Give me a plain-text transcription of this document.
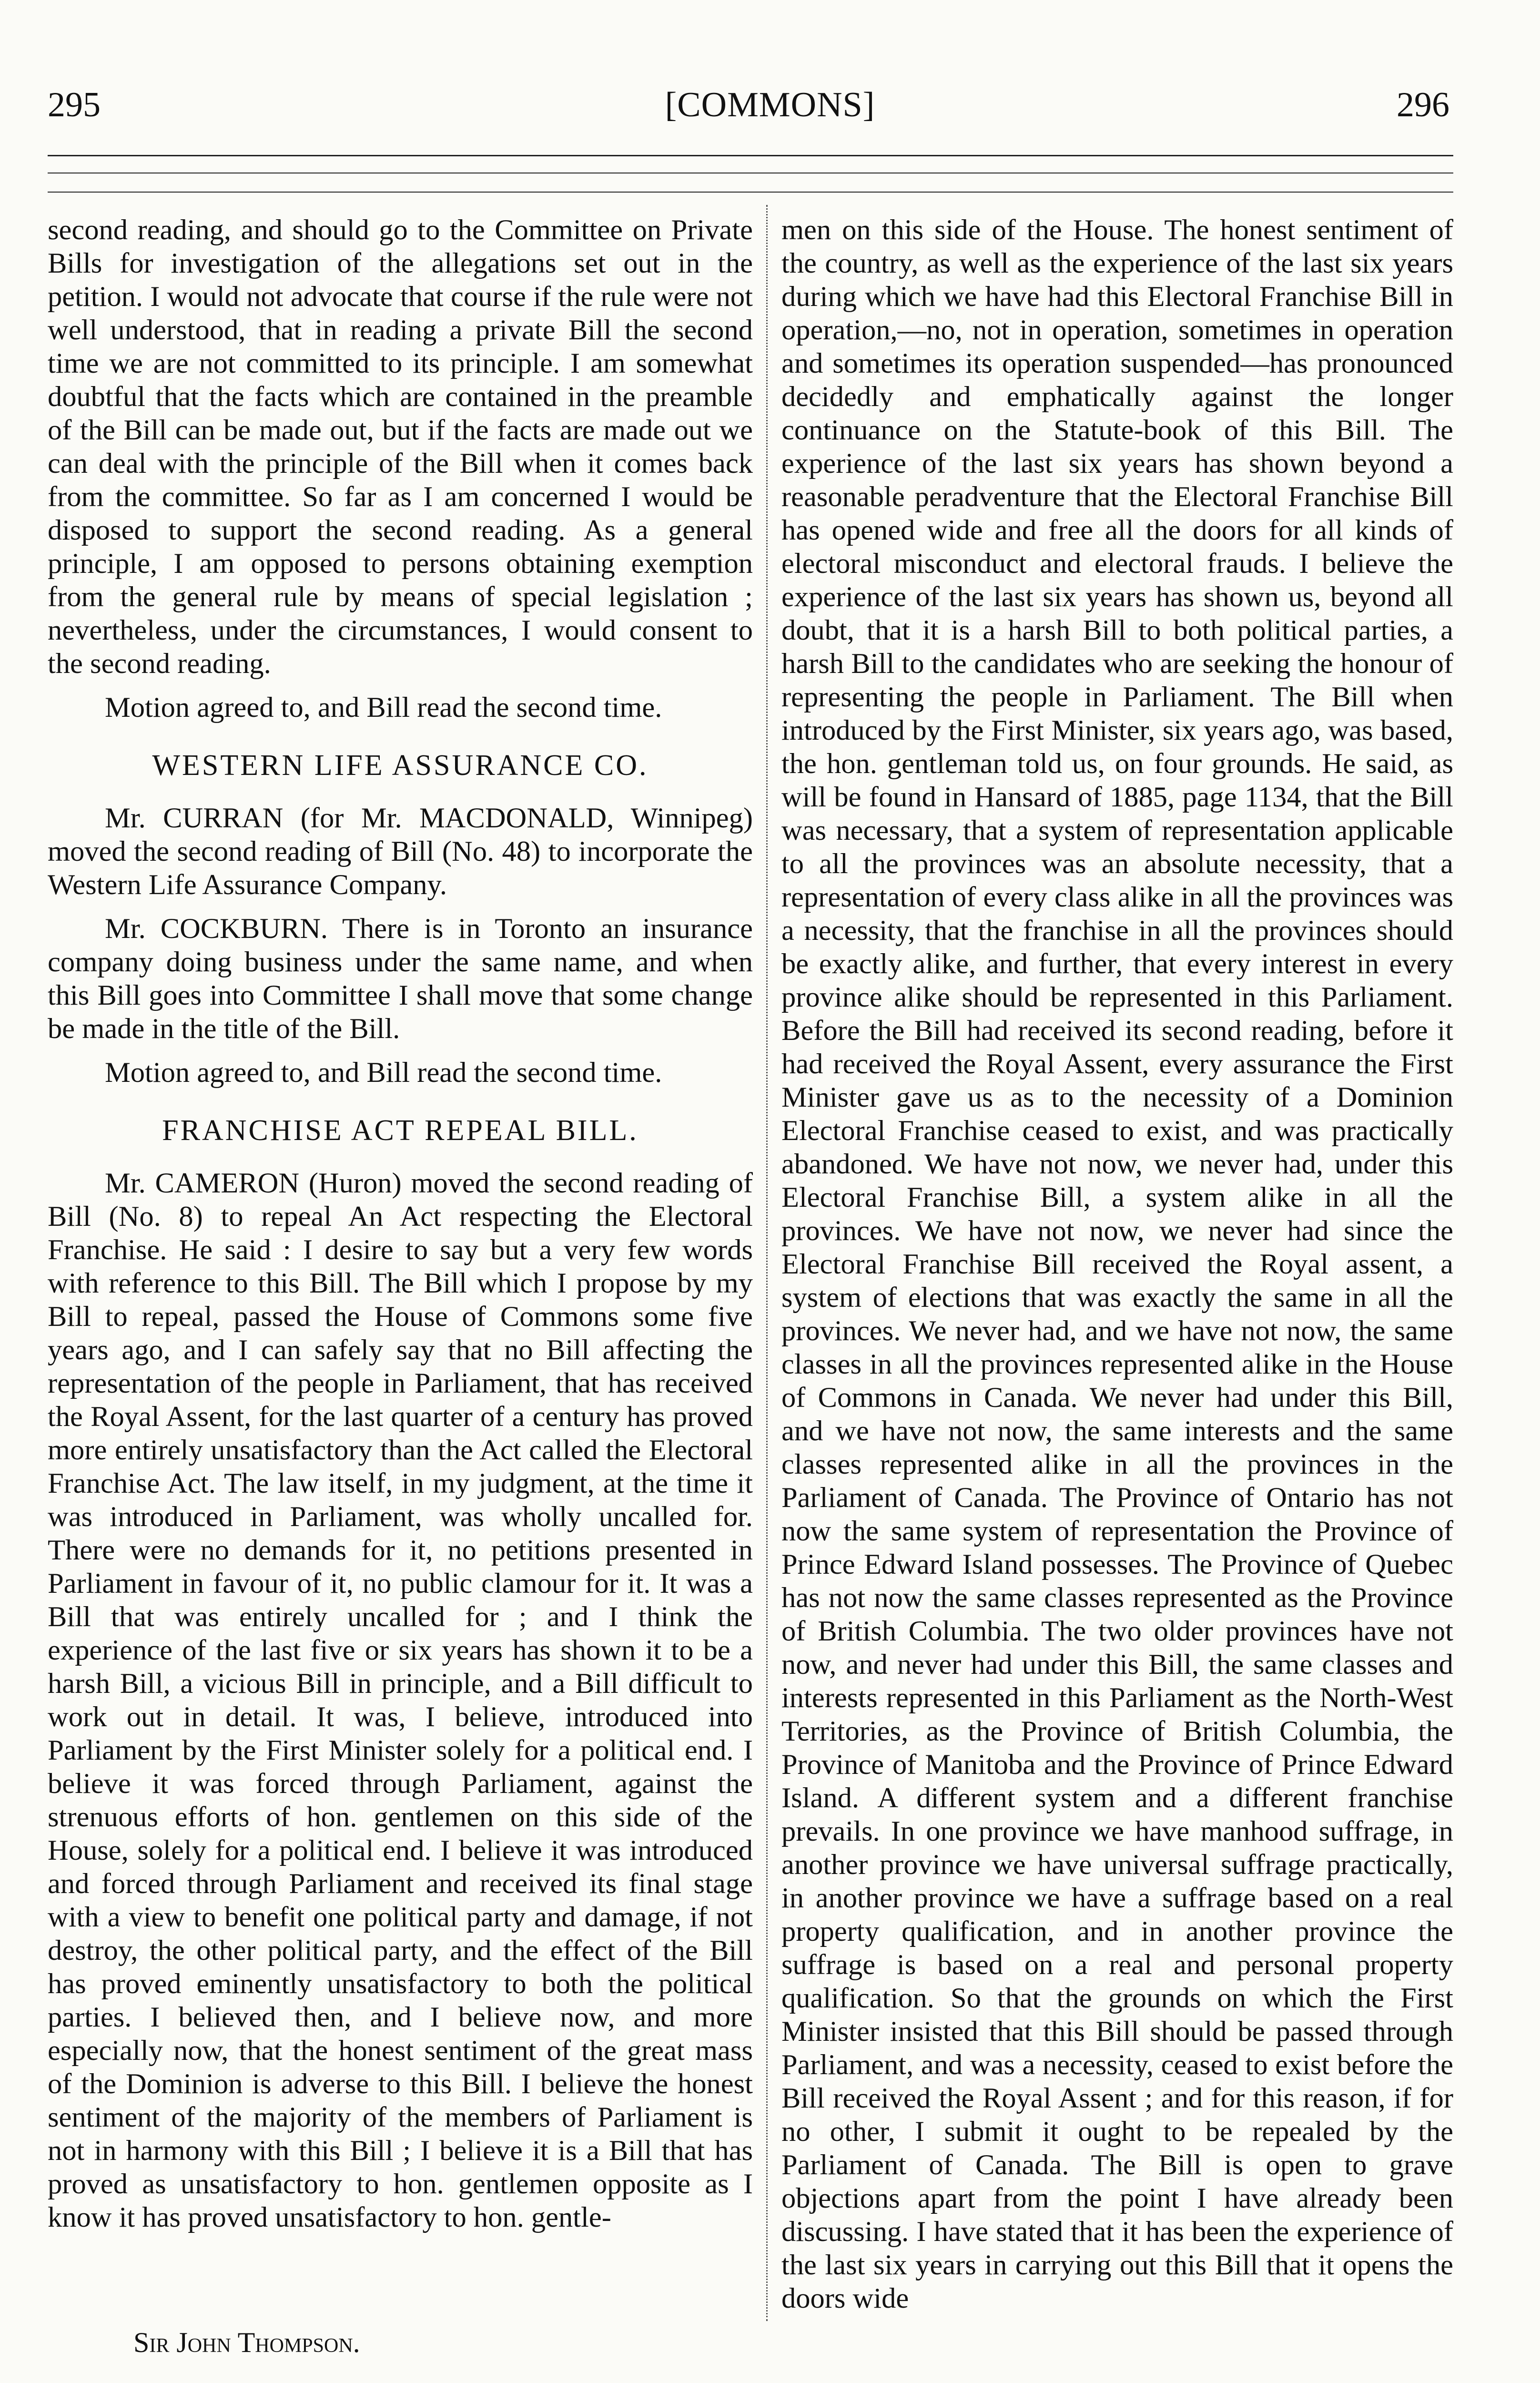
295	[COMMONS]	296

second reading, and should go to the Committee on Private Bills for investigation of the allegations set out in the petition. I would not advocate that course if the rule were not well understood, that in reading a private Bill the second time we are not committed to its principle. I am somewhat doubtful that the facts which are contained in the preamble of the Bill can be made out, but if the facts are made out we can deal with the principle of the Bill when it comes back from the committee. So far as I am concerned I would be disposed to support the second reading. As a general principle, I am opposed to persons obtaining exemption from the general rule by means of special legislation ; nevertheless, under the circumstances, I would consent to the second reading.

Motion agreed to, and Bill read the second time.

WESTERN LIFE ASSURANCE CO.

Mr. CURRAN (for Mr. MACDONALD, Winnipeg) moved the second reading of Bill (No. 48) to incorporate the Western Life Assurance Company.

Mr. COCKBURN. There is in Toronto an insurance company doing business under the same name, and when this Bill goes into Committee I shall move that some change be made in the title of the Bill.

Motion agreed to, and Bill read the second time.

FRANCHISE ACT REPEAL BILL.

Mr. CAMERON (Huron) moved the second reading of Bill (No. 8) to repeal An Act respecting the Electoral Franchise. He said : I desire to say but a very few words with reference to this Bill. The Bill which I propose by my Bill to repeal, passed the House of Commons some five years ago, and I can safely say that no Bill affecting the representation of the people in Parliament, that has received the Royal Assent, for the last quarter of a century has proved more entirely unsatisfactory than the Act called the Electoral Franchise Act. The law itself, in my judgment, at the time it was introduced in Parliament, was wholly uncalled for. There were no demands for it, no petitions presented in Parliament in favour of it, no public clamour for it. It was a Bill that was entirely uncalled for ; and I think the experience of the last five or six years has shown it to be a harsh Bill, a vicious Bill in principle, and a Bill difficult to work out in detail. It was, I believe, introduced into Parliament by the First Minister solely for a political end. I believe it was forced through Parliament, against the strenuous efforts of hon. gentlemen on this side of the House, solely for a political end. I believe it was introduced and forced through Parliament and received its final stage with a view to benefit one political party and damage, if not destroy, the other political party, and the effect of the Bill has proved eminently unsatisfactory to both the political parties. I believed then, and I believe now, and more especially now, that the honest sentiment of the great mass of the Dominion is adverse to this Bill. I believe the honest sentiment of the majority of the members of Parliament is not in harmony with this Bill ; I believe it is a Bill that has proved as unsatisfactory to hon. gentlemen opposite as I know it has proved unsatisfactory to hon. gentle-

men on this side of the House. The honest sentiment of the country, as well as the experience of the last six years during which we have had this Electoral Franchise Bill in operation,—no, not in operation, sometimes in operation and sometimes its operation suspended—has pronounced decidedly and emphatically against the longer continuance on the Statute-book of this Bill. The experience of the last six years has shown beyond a reasonable peradventure that the Electoral Franchise Bill has opened wide and free all the doors for all kinds of electoral misconduct and electoral frauds. I believe the experience of the last six years has shown us, beyond all doubt, that it is a harsh Bill to both political parties, a harsh Bill to the candidates who are seeking the honour of representing the people in Parliament. The Bill when introduced by the First Minister, six years ago, was based, the hon. gentleman told us, on four grounds. He said, as will be found in Hansard of 1885, page 1134, that the Bill was necessary, that a system of representation applicable to all the provinces was an absolute necessity, that a representation of every class alike in all the provinces was a necessity, that the franchise in all the provinces should be exactly alike, and further, that every interest in every province alike should be represented in this Parliament. Before the Bill had received its second reading, before it had received the Royal Assent, every assurance the First Minister gave us as to the necessity of a Dominion Electoral Franchise ceased to exist, and was practically abandoned. We have not now, we never had, under this Electoral Franchise Bill, a system alike in all the provinces. We have not now, we never had since the Electoral Franchise Bill received the Royal assent, a system of elections that was exactly the same in all the provinces. We never had, and we have not now, the same classes in all the provinces represented alike in the House of Commons in Canada. We never had under this Bill, and we have not now, the same interests and the same classes represented alike in all the provinces in the Parliament of Canada. The Province of Ontario has not now the same system of representation the Province of Prince Edward Island possesses. The Province of Quebec has not now the same classes represented as the Province of British Columbia. The two older provinces have not now, and never had under this Bill, the same classes and interests represented in this Parliament as the North-West Territories, as the Province of British Columbia, the Province of Manitoba and the Province of Prince Edward Island. A different system and a different franchise prevails. In one province we have manhood suffrage, in another province we have universal suffrage practically, in another province we have a suffrage based on a real property qualification, and in another province the suffrage is based on a real and personal property qualification. So that the grounds on which the First Minister insisted that this Bill should be passed through Parliament, and was a necessity, ceased to exist before the Bill received the Royal Assent ; and for this reason, if for no other, I submit it ought to be repealed by the Parliament of Canada. The Bill is open to grave objections apart from the point I have already been discussing. I have stated that it has been the experience of the last six years in carrying out this Bill that it opens the doors wide

Sir John Thompson.
